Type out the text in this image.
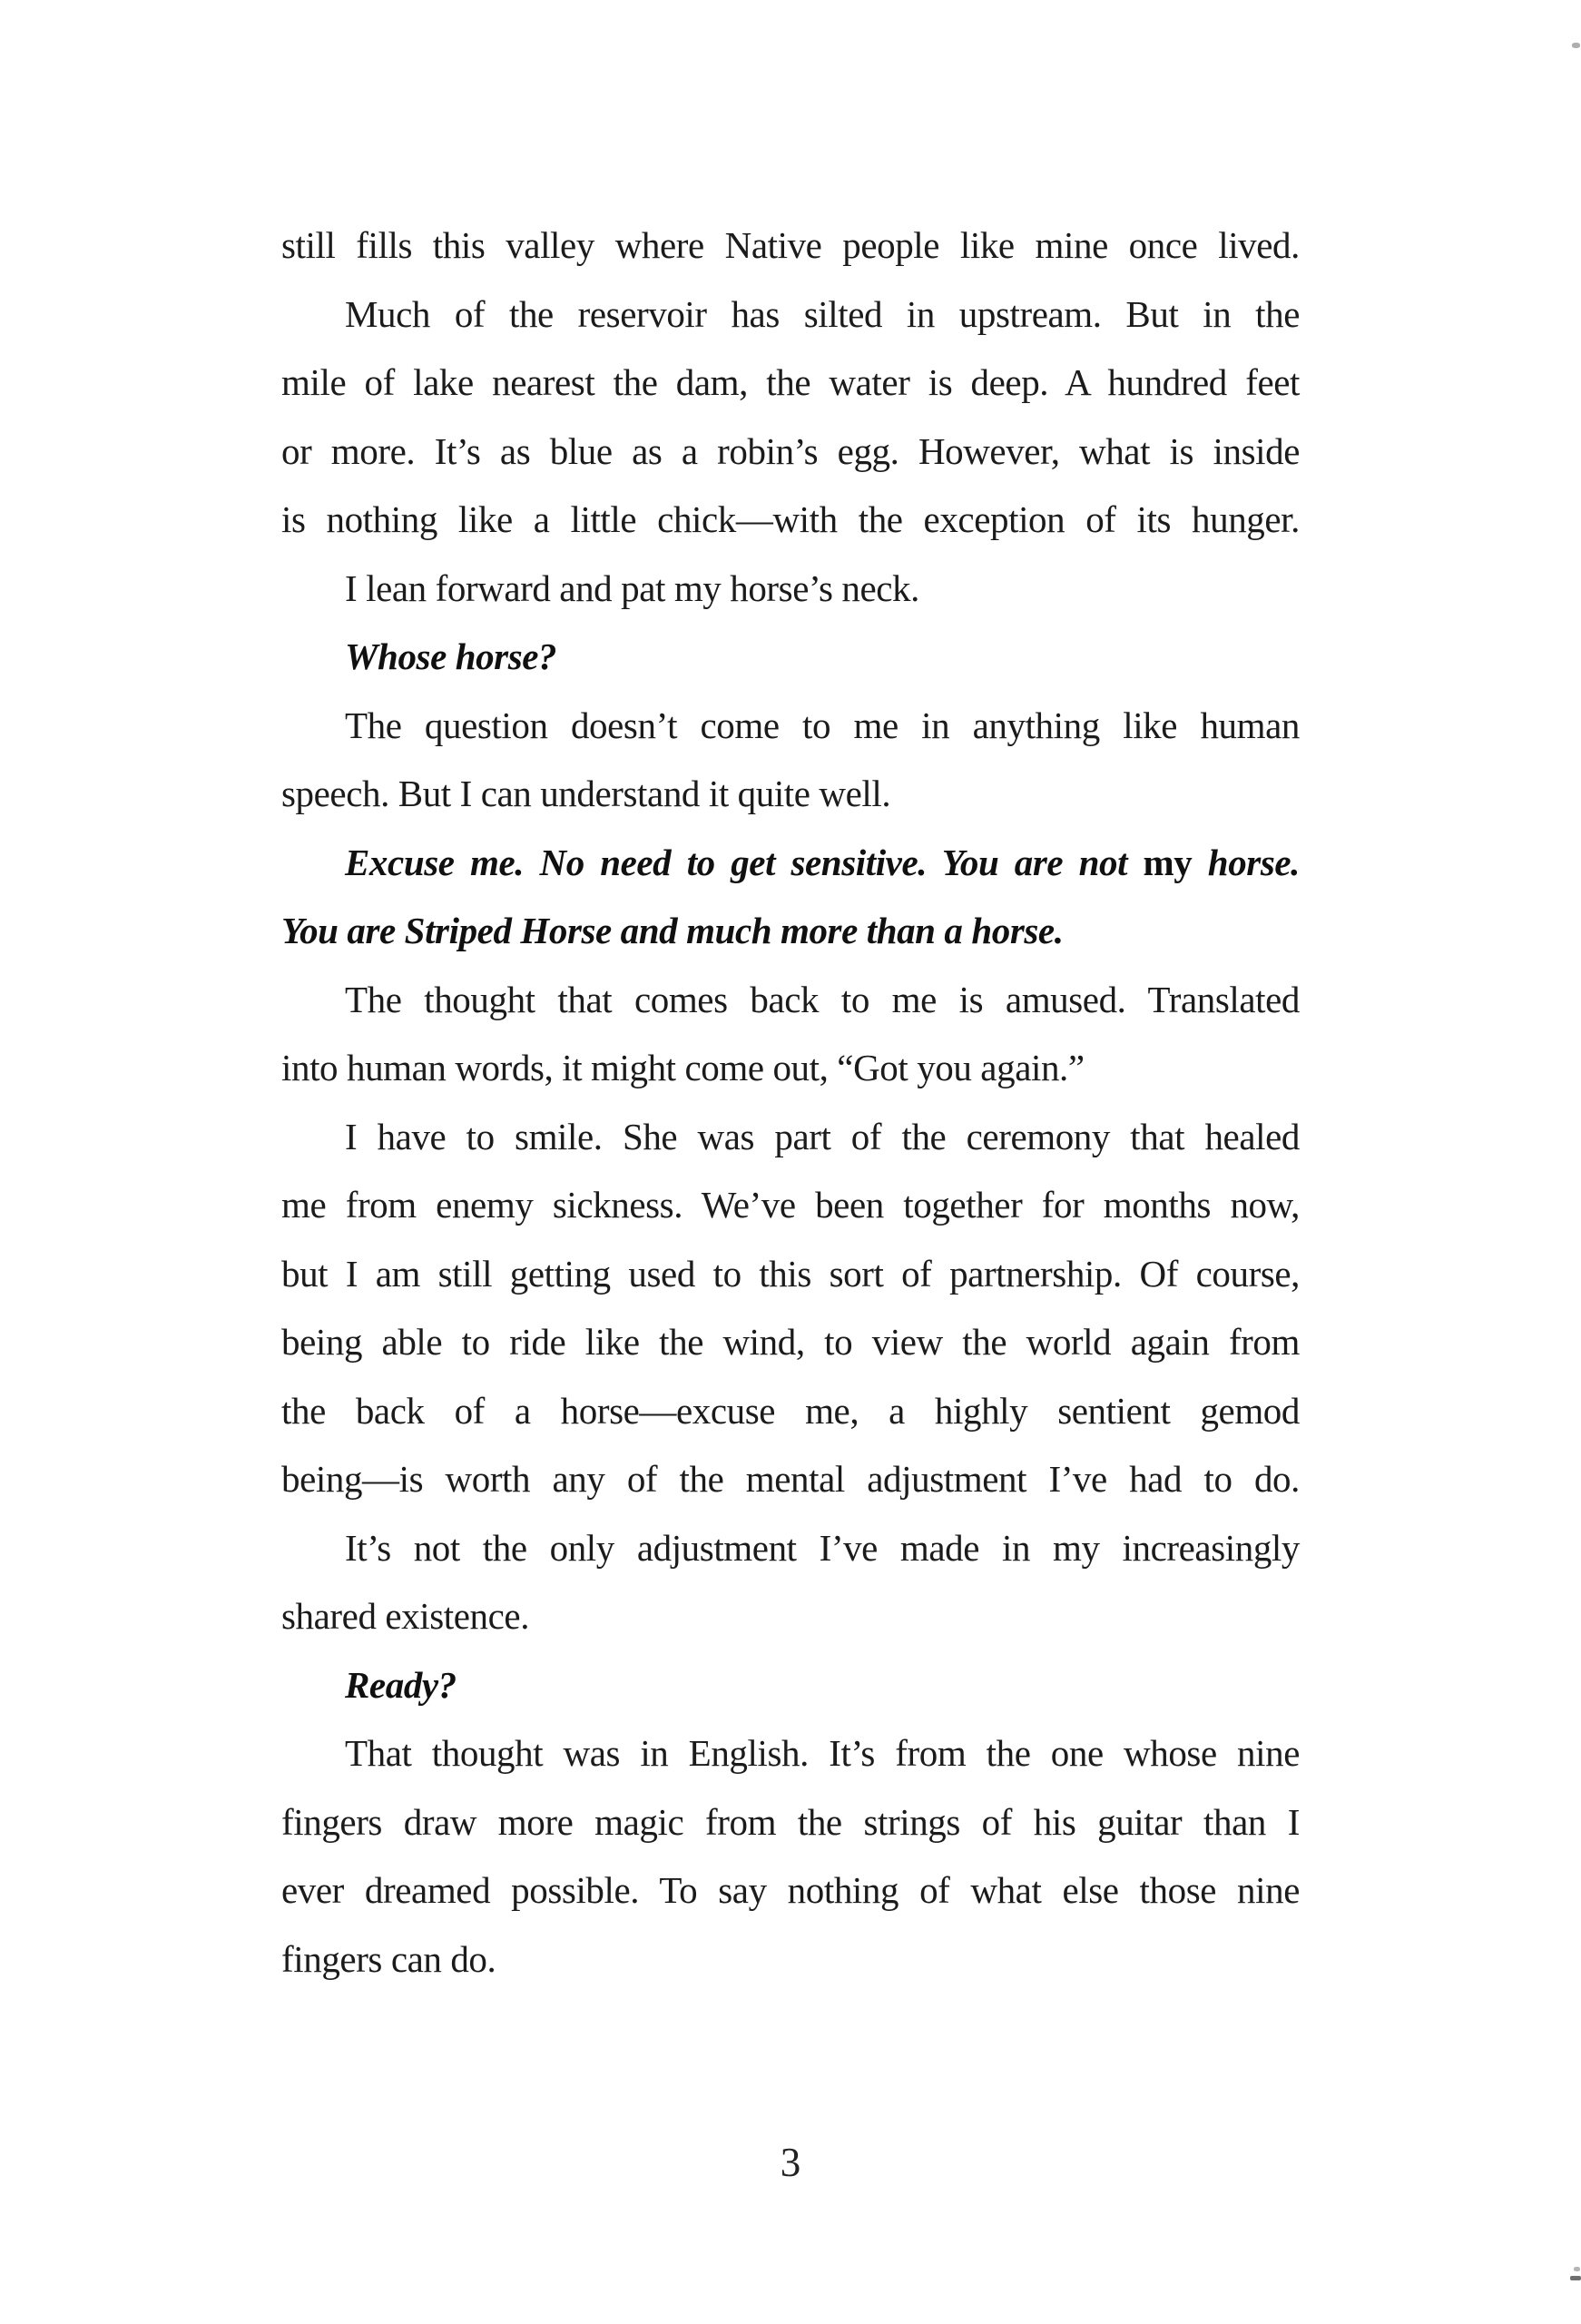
still fills this valley where Native people like mine once lived.
Much of the reservoir has silted in upstream. But in the
mile of lake nearest the dam, the water is deep. A hundred feet
or more. It’s as blue as a robin’s egg. However, what is inside
is nothing like a little chick—with the exception of its hunger.
I lean forward and pat my horse’s neck.
Whose horse?
The question doesn’t come to me in anything like human
speech. But I can understand it quite well.
Excuse me. No need to get sensitive. You are not my horse.
You are Striped Horse and much more than a horse.
The thought that comes back to me is amused. Translated
into human words, it might come out, “Got you again.”
I have to smile. She was part of the ceremony that healed
me from enemy sickness. We’ve been together for months now,
but I am still getting used to this sort of partnership. Of course,
being able to ride like the wind, to view the world again from
the back of a horse—excuse me, a highly sentient gemod
being—is worth any of the mental adjustment I’ve had to do.
It’s not the only adjustment I’ve made in my increasingly
shared existence.
Ready?
That thought was in English. It’s from the one whose nine
fingers draw more magic from the strings of his guitar than I
ever dreamed possible. To say nothing of what else those nine
fingers can do.
3
